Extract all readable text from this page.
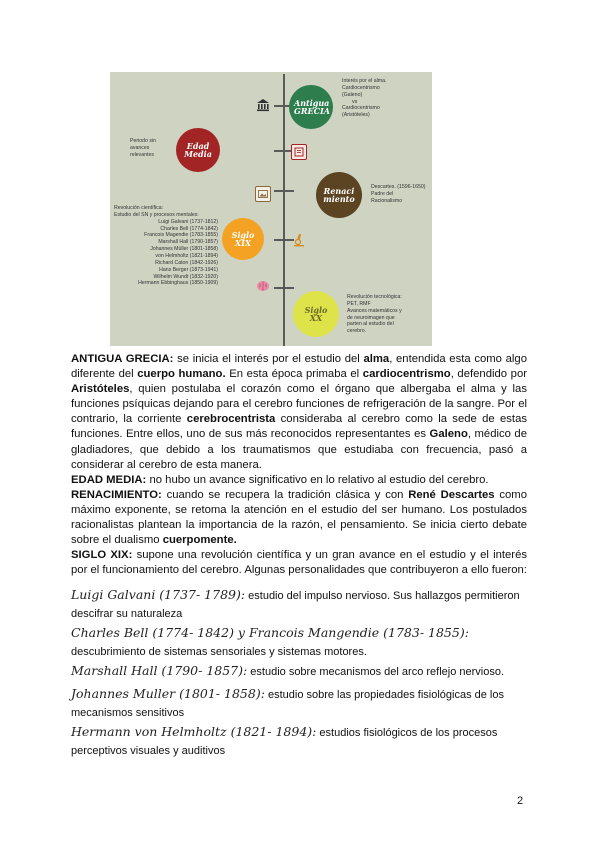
Antigua GRECIA
Interés por el alma.
Cardiocentrismo
(Galeno)
vs
Cardiocentrismo
(Aristóteles)
Edad Media
Periodo sin
avances
relevantes
Renacimiento
Descartes. (1596-1650)
Padre del
Racionalismo
Siglo XIX
Revolución científica:
Estudio del SN y procesos mentales:
Luigi Galvani (1737-1812)
Charles Bell (1774-1842)
Francois Magendie (1783-1855)
Marshall Hall (1790-1857)
Johannes Müller (1801-1858)
von Helmholtz (1821-1894)
Richard Caton (1842-1926)
Hans Berger (1873-1941)
Wilhelm Wundt (1832-1920)
Hermann Ebbinghaus (1850-1909)
Siglo XX
Revolución tecnológica:
PET, RMF
Avances matemáticos y
de neuroimagen que
parten al estudio del
cerebro.

ANTIGUA GRECIA: se inicia el interés por el estudio del alma, entendida esta como algo diferente del cuerpo humano. En esta época primaba el cardiocentrismo, defendido por Aristóteles, quien postulaba el corazón como el órgano que albergaba el alma y las funciones psíquicas dejando para el cerebro funciones de refrigeración de la sangre. Por el contrario, la corriente cerebrocentrista consideraba al cerebro como la sede de estas funciones. Entre ellos, uno de sus más reconocidos representantes es Galeno, médico de gladiadores, que debido a los traumatismos que estudiaba con frecuencia, pasó a considerar al cerebro de esta manera.

EDAD MEDIA: no hubo un avance significativo en lo relativo al estudio del cerebro.

RENACIMIENTO: cuando se recupera la tradición clásica y con René Descartes como máximo exponente, se retoma la atención en el estudio del ser humano. Los postulados racionalistas plantean la importancia de la razón, el pensamiento. Se inicia cierto debate sobre el dualismo cuerpomente.

SIGLO XIX: supone una revolución científica y un gran avance en el estudio y el interés por el funcionamiento del cerebro. Algunas personalidades que contribuyeron a ello fueron:

Luigi Galvani (1737- 1789): estudio del impulso nervioso. Sus hallazgos permitieron descifrar su naturaleza
Charles Bell (1774- 1842) y Francois Mangendie (1783- 1855): descubrimiento de sistemas sensoriales y sistemas motores.
Marshall Hall (1790- 1857): estudio sobre mecanismos del arco reflejo nervioso.
Johannes Muller (1801- 1858): estudio sobre las propiedades fisiológicas de los mecanismos sensitivos
Hermann von Helmholtz (1821- 1894): estudios fisiológicos de los procesos perceptivos visuales y auditivos
2
